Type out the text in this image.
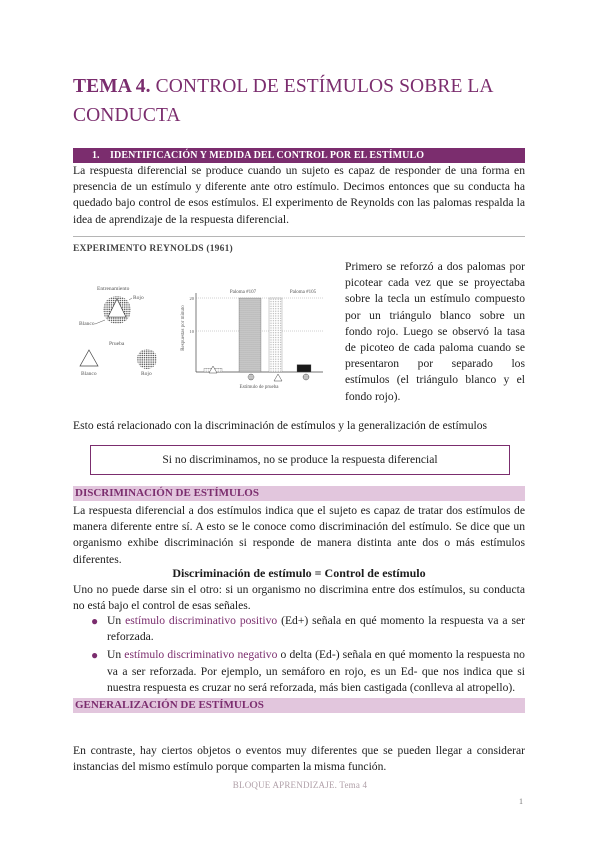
TEMA 4. CONTROL DE ESTÍMULOS SOBRE LA CONDUCTA
1. IDENTIFICACIÓN Y MEDIDA DEL CONTROL POR EL ESTÍMULO
La respuesta diferencial se produce cuando un sujeto es capaz de responder de una forma en presencia de un estímulo y diferente ante otro estímulo. Decimos entonces que su conducta ha quedado bajo control de esos estímulos. El experimento de Reynolds con las palomas respalda la idea de aprendizaje de la respuesta diferencial.
EXPERIMENTO REYNOLDS (1961)
Entrenamiento
Rojo
Blanco
Prueba
Blanco	Rojo
Respuestas por minuto
20
10
Paloma #107	Paloma #105
Estímulo de prueba
Primero se reforzó a dos palomas por picotear cada vez que se proyectaba sobre la tecla un estímulo compuesto por un triángulo blanco sobre un fondo rojo. Luego se observó la tasa de picoteo de cada paloma cuando se presentaron por separado los estímulos (el triángulo blanco y el fondo rojo).
Esto está relacionado con la discriminación de estímulos y la generalización de estímulos
Si no discriminamos, no se produce la respuesta diferencial
DISCRIMINACIÓN DE ESTÍMULOS
La respuesta diferencial a dos estímulos indica que el sujeto es capaz de tratar dos estímulos de manera diferente entre sí. A esto se le conoce como discriminación del estímulo. Se dice que un organismo exhibe discriminación si responde de manera distinta ante dos o más estímulos diferentes.
Discriminación de estímulo = Control de estímulo
Uno no puede darse sin el otro: si un organismo no discrimina entre dos estímulos, su conducta no está bajo el control de esas señales.
● Un estímulo discriminativo positivo (Ed+) señala en qué momento la respuesta va a ser reforzada.
● Un estímulo discriminativo negativo o delta (Ed-) señala en qué momento la respuesta no va a ser reforzada. Por ejemplo, un semáforo en rojo, es un Ed- que nos indica que si nuestra respuesta es cruzar no será reforzada, más bien castigada (conlleva al atropello).
GENERALIZACIÓN DE ESTÍMULOS
En contraste, hay ciertos objetos o eventos muy diferentes que se pueden llegar a considerar instancias del mismo estímulo porque comparten la misma función.
BLOQUE APRENDIZAJE. Tema 4
1
